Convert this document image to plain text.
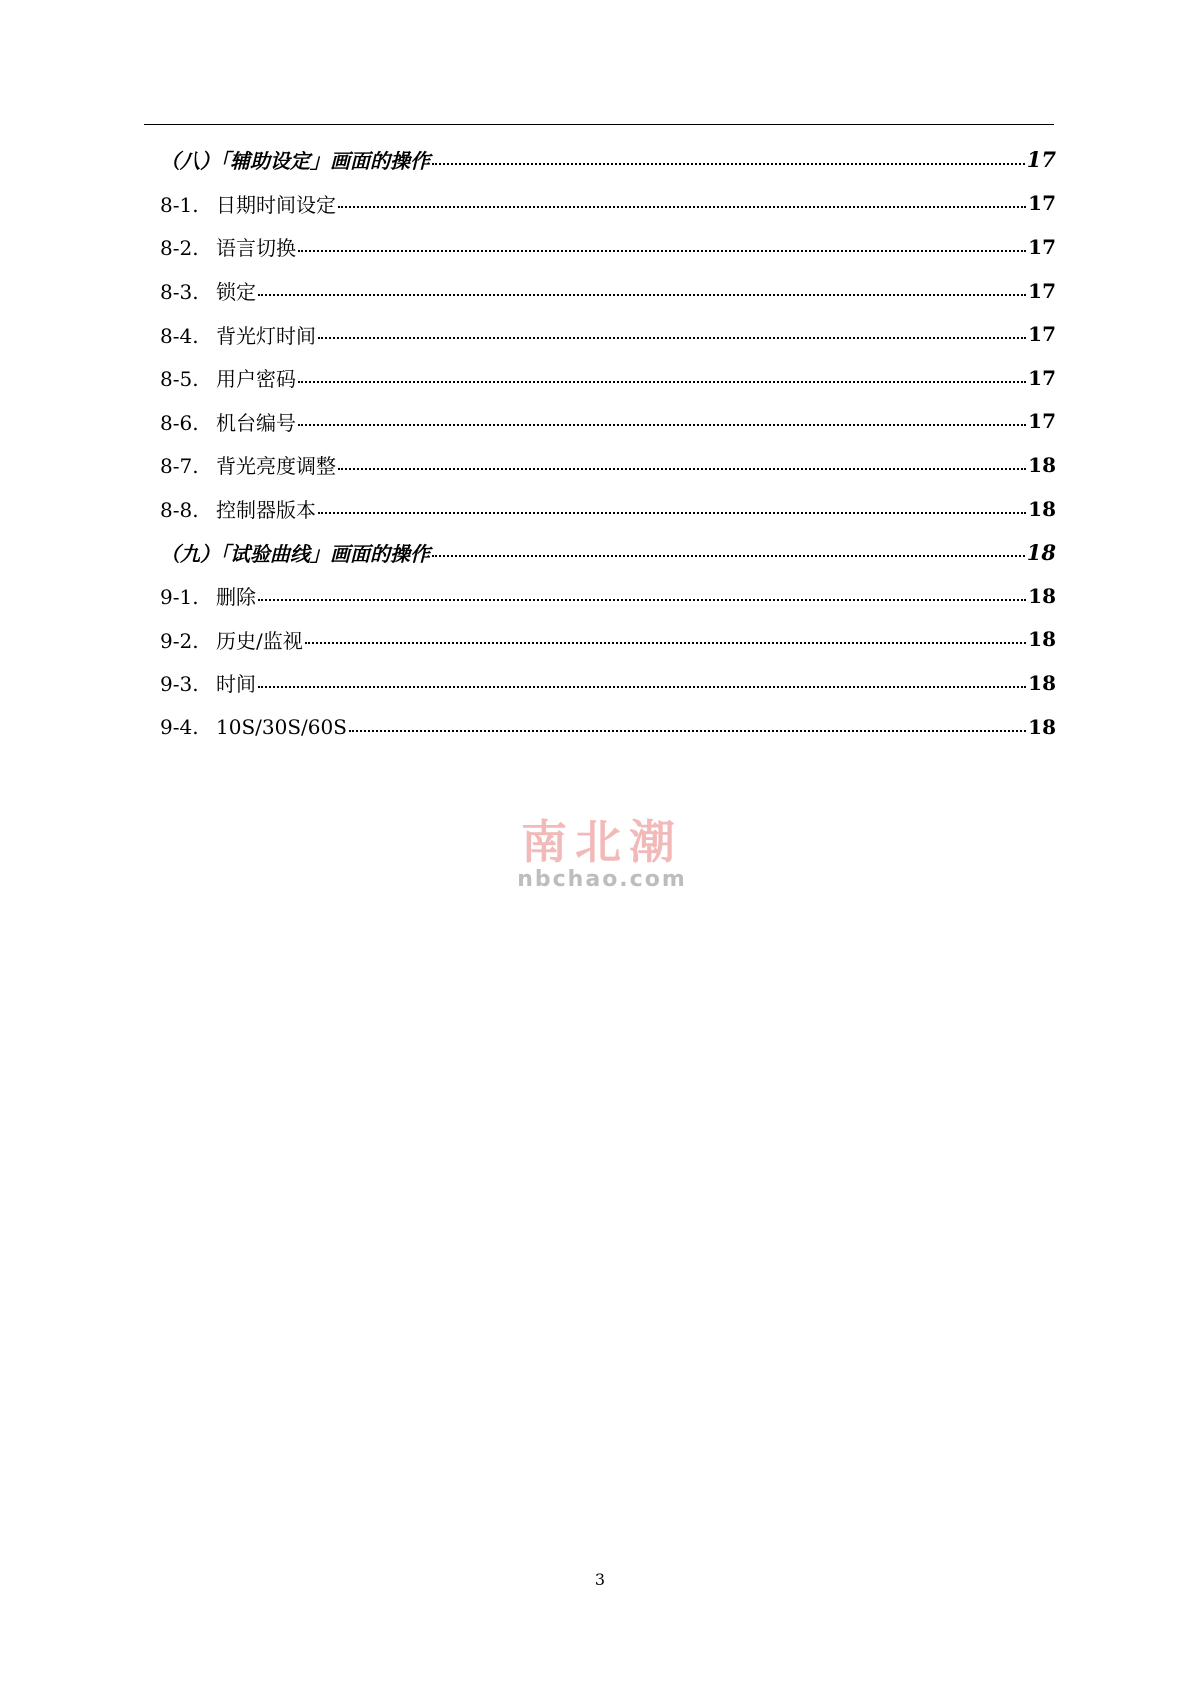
（八）「辅助设定」画面的操作	17
8-1. 日期时间设定	17
8-2. 语言切换	17
8-3. 锁定	17
8-4. 背光灯时间	17
8-5. 用户密码	17
8-6. 机台编号	17
8-7. 背光亮度调整	18
8-8. 控制器版本	18
（九）「试验曲线」画面的操作	18
9-1. 删除	18
9-2. 历史/监视	18
9-3. 时间	18
9-4. 10S/30S/60S	18
南北潮
nbchao.com
3
